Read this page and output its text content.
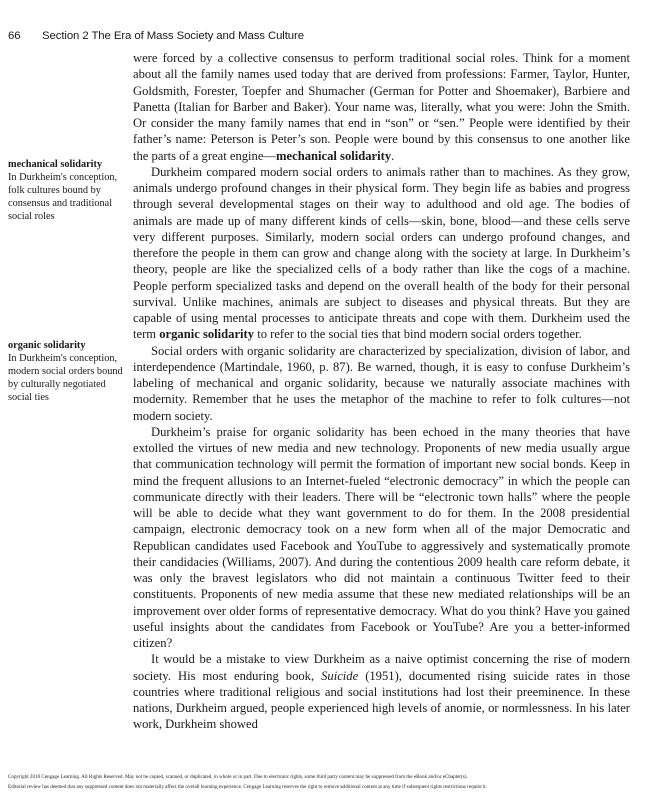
66 Section 2 The Era of Mass Society and Mass Culture
mechanical solidarity
In Durkheim's conception, folk cultures bound by consensus and traditional social roles
organic solidarity
In Durkheim's conception, modern social orders bound by culturally negotiated social ties

were forced by a collective consensus to perform traditional social roles. Think for a moment about all the family names used today that are derived from professions: Farmer, Taylor, Hunter, Goldsmith, Forester, Toepfer and Shumacher (German for Potter and Shoemaker), Barbiere and Panetta (Italian for Barber and Baker). Your name was, literally, what you were: John the Smith. Or consider the many family names that end in “son” or “sen.” People were identified by their father’s name: Peterson is Peter’s son. People were bound by this consensus to one another like the parts of a great engine—mechanical solidarity.

Durkheim compared modern social orders to animals rather than to machines. As they grow, animals undergo profound changes in their physical form. They begin life as babies and progress through several developmental stages on their way to adulthood and old age. The bodies of animals are made up of many different kinds of cells—skin, bone, blood—and these cells serve very different purposes. Similarly, modern social orders can undergo profound changes, and therefore the people in them can grow and change along with the society at large. In Durkheim’s theory, people are like the specialized cells of a body rather than like the cogs of a machine. People perform specialized tasks and depend on the overall health of the body for their personal survival. Unlike machines, animals are subject to diseases and physical threats. But they are capable of using mental processes to anticipate threats and cope with them. Durkheim used the term organic solidarity to refer to the social ties that bind modern social orders together.

Social orders with organic solidarity are characterized by specialization, division of labor, and interdependence (Martindale, 1960, p. 87). Be warned, though, it is easy to confuse Durkheim’s labeling of mechanical and organic solidarity, because we naturally associate machines with modernity. Remember that he uses the metaphor of the machine to refer to folk cultures—not modern society.

Durkheim’s praise for organic solidarity has been echoed in the many theories that have extolled the virtues of new media and new technology. Proponents of new media usually argue that communication technology will permit the formation of important new social bonds. Keep in mind the frequent allusions to an Internet-fueled “electronic democracy” in which the people can communicate directly with their leaders. There will be “electronic town halls” where the people will be able to decide what they want government to do for them. In the 2008 presidential campaign, electronic democracy took on a new form when all of the major Democratic and Republican candidates used Facebook and YouTube to aggressively and systematically promote their candidacies (Williams, 2007). And during the contentious 2009 health care reform debate, it was only the bravest legislators who did not maintain a continuous Twitter feed to their constituents. Proponents of new media assume that these new mediated relationships will be an improvement over older forms of representative democracy. What do you think? Have you gained useful insights about the candidates from Facebook or YouTube? Are you a better-informed citizen?

It would be a mistake to view Durkheim as a naive optimist concerning the rise of modern society. His most enduring book, Suicide (1951), documented rising suicide rates in those countries where traditional religious and social institutions had lost their preeminence. In these nations, Durkheim argued, people experienced high levels of anomie, or normlessness. In his later work, Durkheim showed

Copyright 2010 Cengage Learning. All Rights Reserved. May not be copied, scanned, or duplicated, in whole or in part. Due to electronic rights, some third party content may be suppressed from the eBook and/or eChapter(s).
Editorial review has deemed that any suppressed content does not materially affect the overall learning experience. Cengage Learning reserves the right to remove additional content at any time if subsequent rights restrictions require it.
